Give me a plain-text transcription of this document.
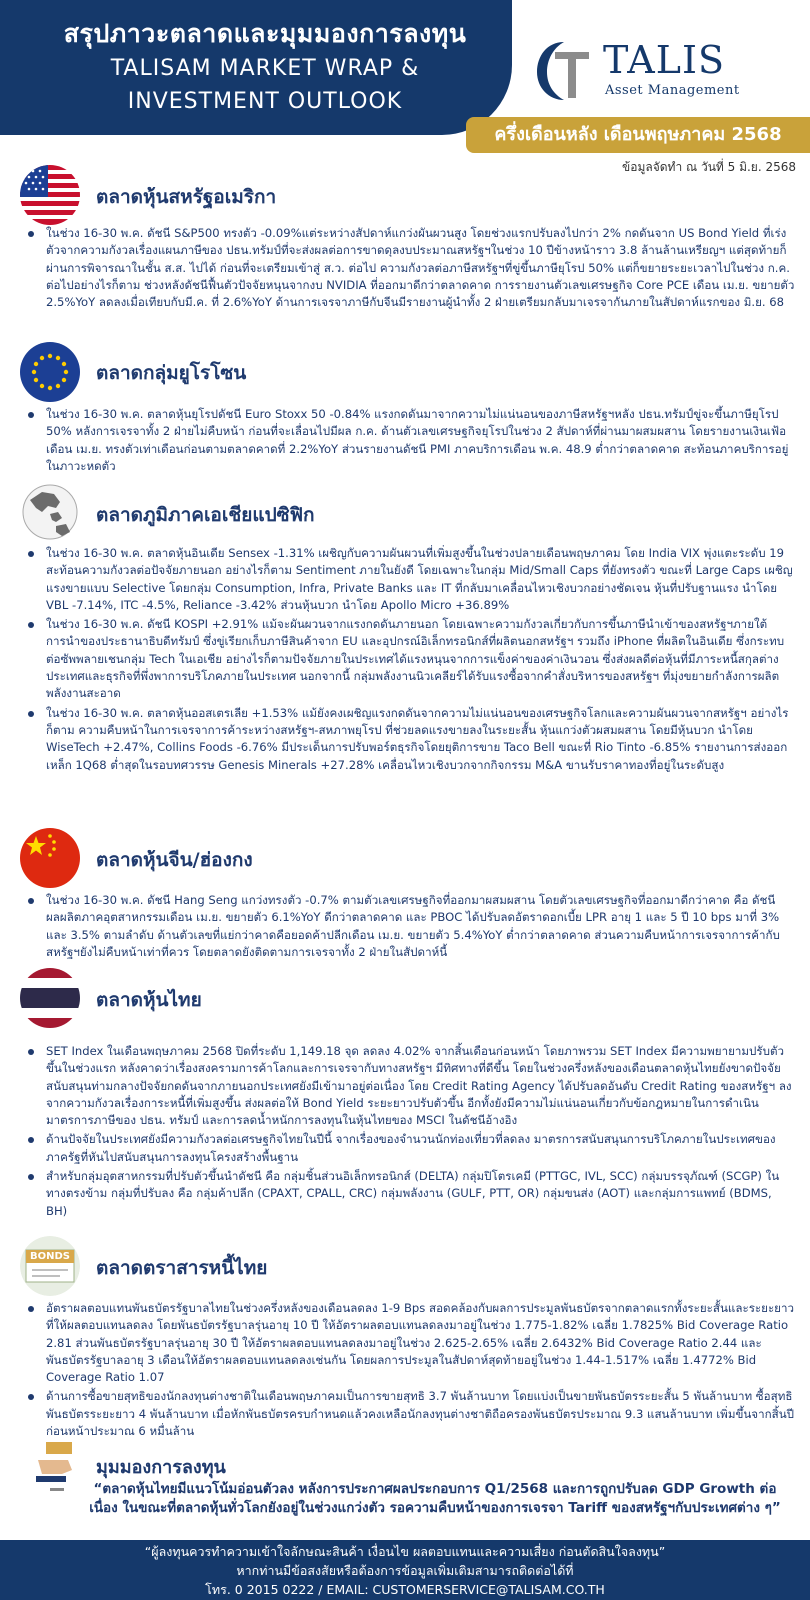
สรุปภาวะตลาดและมุมมองการลงทุน
TALISAM MARKET WRAP &
INVESTMENT OUTLOOK
TALIS
Asset Management
ครึ่งเดือนหลัง เดือนพฤษภาคม 2568
ข้อมูลจัดทำ ณ วันที่ 5 มิ.ย. 2568
ตลาดหุ้นสหรัฐอเมริกา
ในช่วง 16-30 พ.ค. ดัชนี S&P500 ทรงตัว -0.09%แต่ระหว่างสัปดาห์แกว่งผันผวนสูง โดยช่วงแรกปรับลงไปกว่า 2% กดดันจาก US Bond Yield ที่เร่งตัวจากความกังวลเรื่องแผนภาษีของ ปธน.ทรัมป์ที่จะส่งผลต่อการขาดดุลงบประมาณสหรัฐฯในช่วง 10 ปีข้างหน้าราว 3.8 ล้านล้านเหรียญฯ แต่สุดท้ายก็ผ่านการพิจารณาในชั้น ส.ส. ไปได้ ก่อนที่จะเตรียมเข้าสู่ ส.ว. ต่อไป ความกังวลต่อภาษีสหรัฐฯที่ขู่ขึ้นภาษียุโรป 50% แต่ก็ขยายระยะเวลาไปในช่วง ก.ค. ต่อไปอย่างไรก็ตาม ช่วงหลังดัชนีฟื้นตัวปัจจัยหนุนจากงบ NVIDIA ที่ออกมาดีกว่าตลาดคาด การรายงานตัวเลขเศรษฐกิจ Core PCE เดือน เม.ย. ขยายตัว 2.5%YoY ลดลงเมื่อเทียบกับมี.ค. ที่ 2.6%YoY ด้านการเจรจาภาษีกับจีนมีรายงานผู้นำทั้ง 2 ฝ่ายเตรียมกลับมาเจรจากันภายในสัปดาห์แรกของ มิ.ย. 68
ตลาดกลุ่มยูโรโซน
ในช่วง 16-30 พ.ค. ตลาดหุ้นยุโรปดัชนี Euro Stoxx 50 -0.84% แรงกดดันมาจากความไม่แน่นอนของภาษีสหรัฐฯหลัง ปธน.ทรัมป์ขู่จะขึ้นภาษียุโรป 50% หลังการเจรจาทั้ง 2 ฝ่ายไม่คืบหน้า ก่อนที่จะเลื่อนไปมีผล ก.ค. ด้านตัวเลขเศรษฐกิจยุโรปในช่วง 2 สัปดาห์ที่ผ่านมาผสมผสาน โดยรายงานเงินเฟ้อเดือน เม.ย. ทรงตัวเท่าเดือนก่อนตามตลาดคาดที่ 2.2%YoY ส่วนรายงานดัชนี PMI ภาคบริการเดือน พ.ค. 48.9 ต่ำกว่าตลาดคาด สะท้อนภาคบริการอยู่ในภาวะหดตัว
ตลาดภูมิภาคเอเชียแปซิฟิก
ในช่วง 16-30 พ.ค. ตลาดหุ้นอินเดีย Sensex -1.31% เผชิญกับความผันผวนที่เพิ่มสูงขึ้นในช่วงปลายเดือนพฤษภาคม โดย India VIX พุ่งแตะระดับ 19 สะท้อนความกังวลต่อปัจจัยภายนอก อย่างไรก็ตาม Sentiment ภายในยังดี โดยเฉพาะในกลุ่ม Mid/Small Caps ที่ยังทรงตัว ขณะที่ Large Caps เผชิญแรงขายแบบ Selective โดยกลุ่ม Consumption, Infra, Private Banks และ IT ที่กลับมาเคลื่อนไหวเชิงบวกอย่างชัดเจน หุ้นที่ปรับฐานแรง นำโดย VBL -7.14%, ITC -4.5%, Reliance -3.42% ส่วนหุ้นบวก นำโดย Apollo Micro +36.89%
ในช่วง 16-30 พ.ค. ดัชนี KOSPI +2.91% แม้จะผันผวนจากแรงกดดันภายนอก โดยเฉพาะความกังวลเกี่ยวกับการขึ้นภาษีนำเข้าของสหรัฐฯภายใต้การนำของประธานาธิบดีทรัมป์ ซึ่งขู่เรียกเก็บภาษีสินค้าจาก EU และอุปกรณ์อิเล็กทรอนิกส์ที่ผลิตนอกสหรัฐฯ รวมถึง iPhone ที่ผลิตในอินเดีย ซึ่งกระทบต่อซัพพลายเชนกลุ่ม Tech ในเอเชีย อย่างไรก็ตามปัจจัยภายในประเทศได้แรงหนุนจากการแข็งค่าของค่าเงินวอน ซึ่งส่งผลดีต่อหุ้นที่มีภาระหนี้สกุลต่างประเทศและธุรกิจที่พึ่งพาการบริโภคภายในประเทศ นอกจากนี้ กลุ่มพลังงานนิวเคลียร์ได้รับแรงซื้อจากคำสั่งบริหารของสหรัฐฯ ที่มุ่งขยายกำลังการผลิตพลังงานสะอาด
ในช่วง 16-30 พ.ค. ตลาดหุ้นออสเตรเลีย +1.53% แม้ยังคงเผชิญแรงกดดันจากความไม่แน่นอนของเศรษฐกิจโลกและความผันผวนจากสหรัฐฯ อย่างไรก็ตาม ความคืบหน้าในการเจรจาการค้าระหว่างสหรัฐฯ-สหภาพยุโรป ที่ช่วยลดแรงขายลงในระยะสั้น หุ้นแกว่งตัวผสมผสาน โดยมีหุ้นบวก นำโดย WiseTech +2.47%, Collins Foods -6.76% มีประเด็นการปรับพอร์ตธุรกิจโดยยุติการขาย Taco Bell ขณะที่ Rio Tinto -6.85% รายงานการส่งออกเหล็ก 1Q68 ต่ำสุดในรอบทศวรรษ Genesis Minerals +27.28% เคลื่อนไหวเชิงบวกจากกิจกรรม M&A ขานรับราคาทองที่อยู่ในระดับสูง
ตลาดหุ้นจีน/ฮ่องกง
ในช่วง 16-30 พ.ค. ดัชนี Hang Seng แกว่งทรงตัว -0.7% ตามตัวเลขเศรษฐกิจที่ออกมาผสมผสาน โดยตัวเลขเศรษฐกิจที่ออกมาดีกว่าคาด คือ ดัชนีผลผลิตภาคอุตสาหกรรมเดือน เม.ย. ขยายตัว 6.1%YoY ดีกว่าตลาดคาด และ PBOC ได้ปรับลดอัตราดอกเบี้ย LPR อายุ 1 และ 5 ปี 10 bps มาที่ 3% และ 3.5% ตามลำดับ ด้านตัวเลขที่แย่กว่าคาดคือยอดค้าปลีกเดือน เม.ย. ขยายตัว 5.4%YoY ต่ำกว่าตลาดคาด ส่วนความคืบหน้าการเจรจาการค้ากับสหรัฐฯยังไม่คืบหน้าเท่าที่ควร โดยตลาดยังติดตามการเจรจาทั้ง 2 ฝ่ายในสัปดาห์นี้
ตลาดหุ้นไทย
SET Index ในเดือนพฤษภาคม 2568 ปิดที่ระดับ 1,149.18 จุด ลดลง 4.02% จากสิ้นเดือนก่อนหน้า โดยภาพรวม SET Index มีความพยายามปรับตัวขึ้นในช่วงแรก หลังคาดว่าเรื่องสงครามการค้าโลกและการเจรจากับทางสหรัฐฯ มีทิศทางที่ดีขึ้น โดยในช่วงครึ่งหลังของเดือนตลาดหุ้นไทยยังขาดปัจจัยสนับสนุนท่ามกลางปัจจัยกดดันจากภายนอกประเทศยังมีเข้ามาอยู่ต่อเนื่อง โดย Credit Rating Agency ได้ปรับลดอันดับ Credit Rating ของสหรัฐฯ ลงจากความกังวลเรื่องการะหนี้ที่เพิ่มสูงขึ้น ส่งผลต่อให้ Bond Yield ระยะยาวปรับตัวขึ้น อีกทั้งยังมีความไม่แน่นอนเกี่ยวกับข้อกฎหมายในการดำเนินมาตรการภาษีของ ปธน. ทรัมป์ และการลดน้ำหนักการลงทุนในหุ้นไทยของ MSCI ในดัชนีอ้างอิง
ด้านปัจจัยในประเทศยังมีความกังวลต่อเศรษฐกิจไทยในปีนี้ จากเรื่องของจำนวนนักท่องเที่ยวที่ลดลง มาตรการสนับสนุนการบริโภคภายในประเทศของภาครัฐที่หันไปสนับสนุนการลงทุนโครงสร้างพื้นฐาน
สำหรับกลุ่มอุตสาหกรรมที่ปรับตัวขึ้นนำดัชนี คือ กลุ่มชิ้นส่วนอิเล็กทรอนิกส์ (DELTA) กลุ่มปิโตรเคมี (PTTGC, IVL, SCC) กลุ่มบรรจุภัณฑ์ (SCGP) ในทางตรงข้าม กลุ่มที่ปรับลง คือ กลุ่มค้าปลีก (CPAXT, CPALL, CRC) กลุ่มพลังงาน (GULF, PTT, OR) กลุ่มขนส่ง (AOT) และกลุ่มการแพทย์ (BDMS, BH)
BONDS
ตลาดตราสารหนี้ไทย
อัตราผลตอบแทนพันธบัตรรัฐบาลไทยในช่วงครึ่งหลังของเดือนลดลง 1-9 Bps สอดคล้องกับผลการประมูลพันธบัตรจากตลาดแรกทั้งระยะสั้นและระยะยาวที่ให้ผลตอบแทนลดลง โดยพันธบัตรรัฐบาลรุ่นอายุ 10 ปี ให้อัตราผลตอบแทนลดลงมาอยู่ในช่วง 1.775-1.82% เฉลี่ย 1.7825% Bid Coverage Ratio 2.81 ส่วนพันธบัตรรัฐบาลรุ่นอายุ 30 ปี ให้อัตราผลตอบแทนลดลงมาอยู่ในช่วง 2.625-2.65% เฉลี่ย 2.6432% Bid Coverage Ratio 2.44 และพันธบัตรรัฐบาลอายุ 3 เดือนให้อัตราผลตอบแทนลดลงเช่นกัน โดยผลการประมูลในสัปดาห์สุดท้ายอยู่ในช่วง 1.44-1.517% เฉลี่ย 1.4772% Bid Coverage Ratio 1.07
ด้านการซื้อขายสุทธิของนักลงทุนต่างชาติในเดือนพฤษภาคมเป็นการขายสุทธิ 3.7 พันล้านบาท โดยแบ่งเป็นขายพันธบัตรระยะสั้น 5 พันล้านบาท ซื้อสุทธิพันธบัตรระยะยาว 4 พันล้านบาท เมื่อหักพันธบัตรครบกำหนดแล้วคงเหลือนักลงทุนต่างชาติถือครองพันธบัตรประมาณ 9.3 แสนล้านบาท เพิ่มขึ้นจากสิ้นปีก่อนหน้าประมาณ 6 หมื่นล้าน
มุมมองการลงทุน
“ตลาดหุ้นไทยมีแนวโน้มอ่อนตัวลง หลังการประกาศผลประกอบการ Q1/2568 และการถูกปรับลด GDP Growth ต่อเนื่อง ในขณะที่ตลาดหุ้นทั่วโลกยังอยู่ในช่วงแกว่งตัว รอความคืบหน้าของการเจรจา Tariff ของสหรัฐฯกับประเทศต่าง ๆ”
“ผู้ลงทุนควรทำความเข้าใจลักษณะสินค้า เงื่อนไข ผลตอบแทนและความเสี่ยง ก่อนตัดสินใจลงทุน”
หากท่านมีข้อสงสัยหรือต้องการข้อมูลเพิ่มเติมสามารถติดต่อได้ที่
โทร. 0 2015 0222 / EMAIL: CUSTOMERSERVICE@TALISAM.CO.TH
